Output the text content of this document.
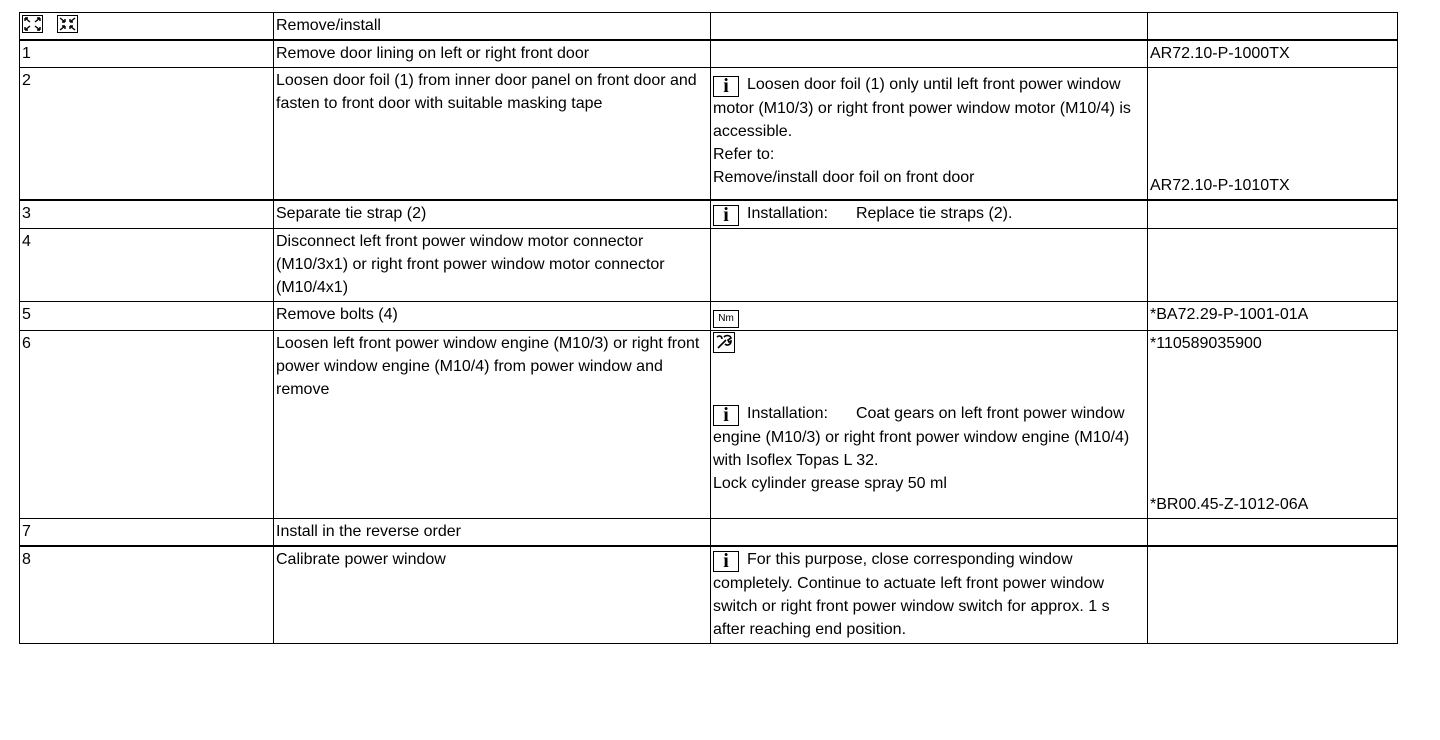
	Remove/install		
1	Remove door lining on left or right front door		AR72.10-P-1000TX
2	Loosen door foil (1) from inner door panel on front door and fasten to front door with suitable masking tape	i Loosen door foil (1) only until left front power window motor (M10/3) or right front power window motor (M10/4) is accessible.
Refer to:
Remove/install door foil on front door	AR72.10-P-1010TX
3	Separate tie strap (2)	i Installation: Replace tie straps (2).	
4	Disconnect left front power window motor connector (M10/3x1) or right front power window motor connector (M10/4x1)		
5	Remove bolts (4)	Nm	*BA72.29-P-1001-01A
6	Loosen left front power window engine (M10/3) or right front power window engine (M10/4) from power window and remove	i Installation: Coat gears on left front power window engine (M10/3) or right front power window engine (M10/4) with Isoflex Topas L 32.
Lock cylinder grease spray 50 ml	*110589035900
*BR00.45-Z-1012-06A

7	Install in the reverse order		
8	Calibrate power window	i For this purpose, close corresponding window completely. Continue to actuate left front power window switch or right front power window switch for approx. 1 s after reaching end position.	
